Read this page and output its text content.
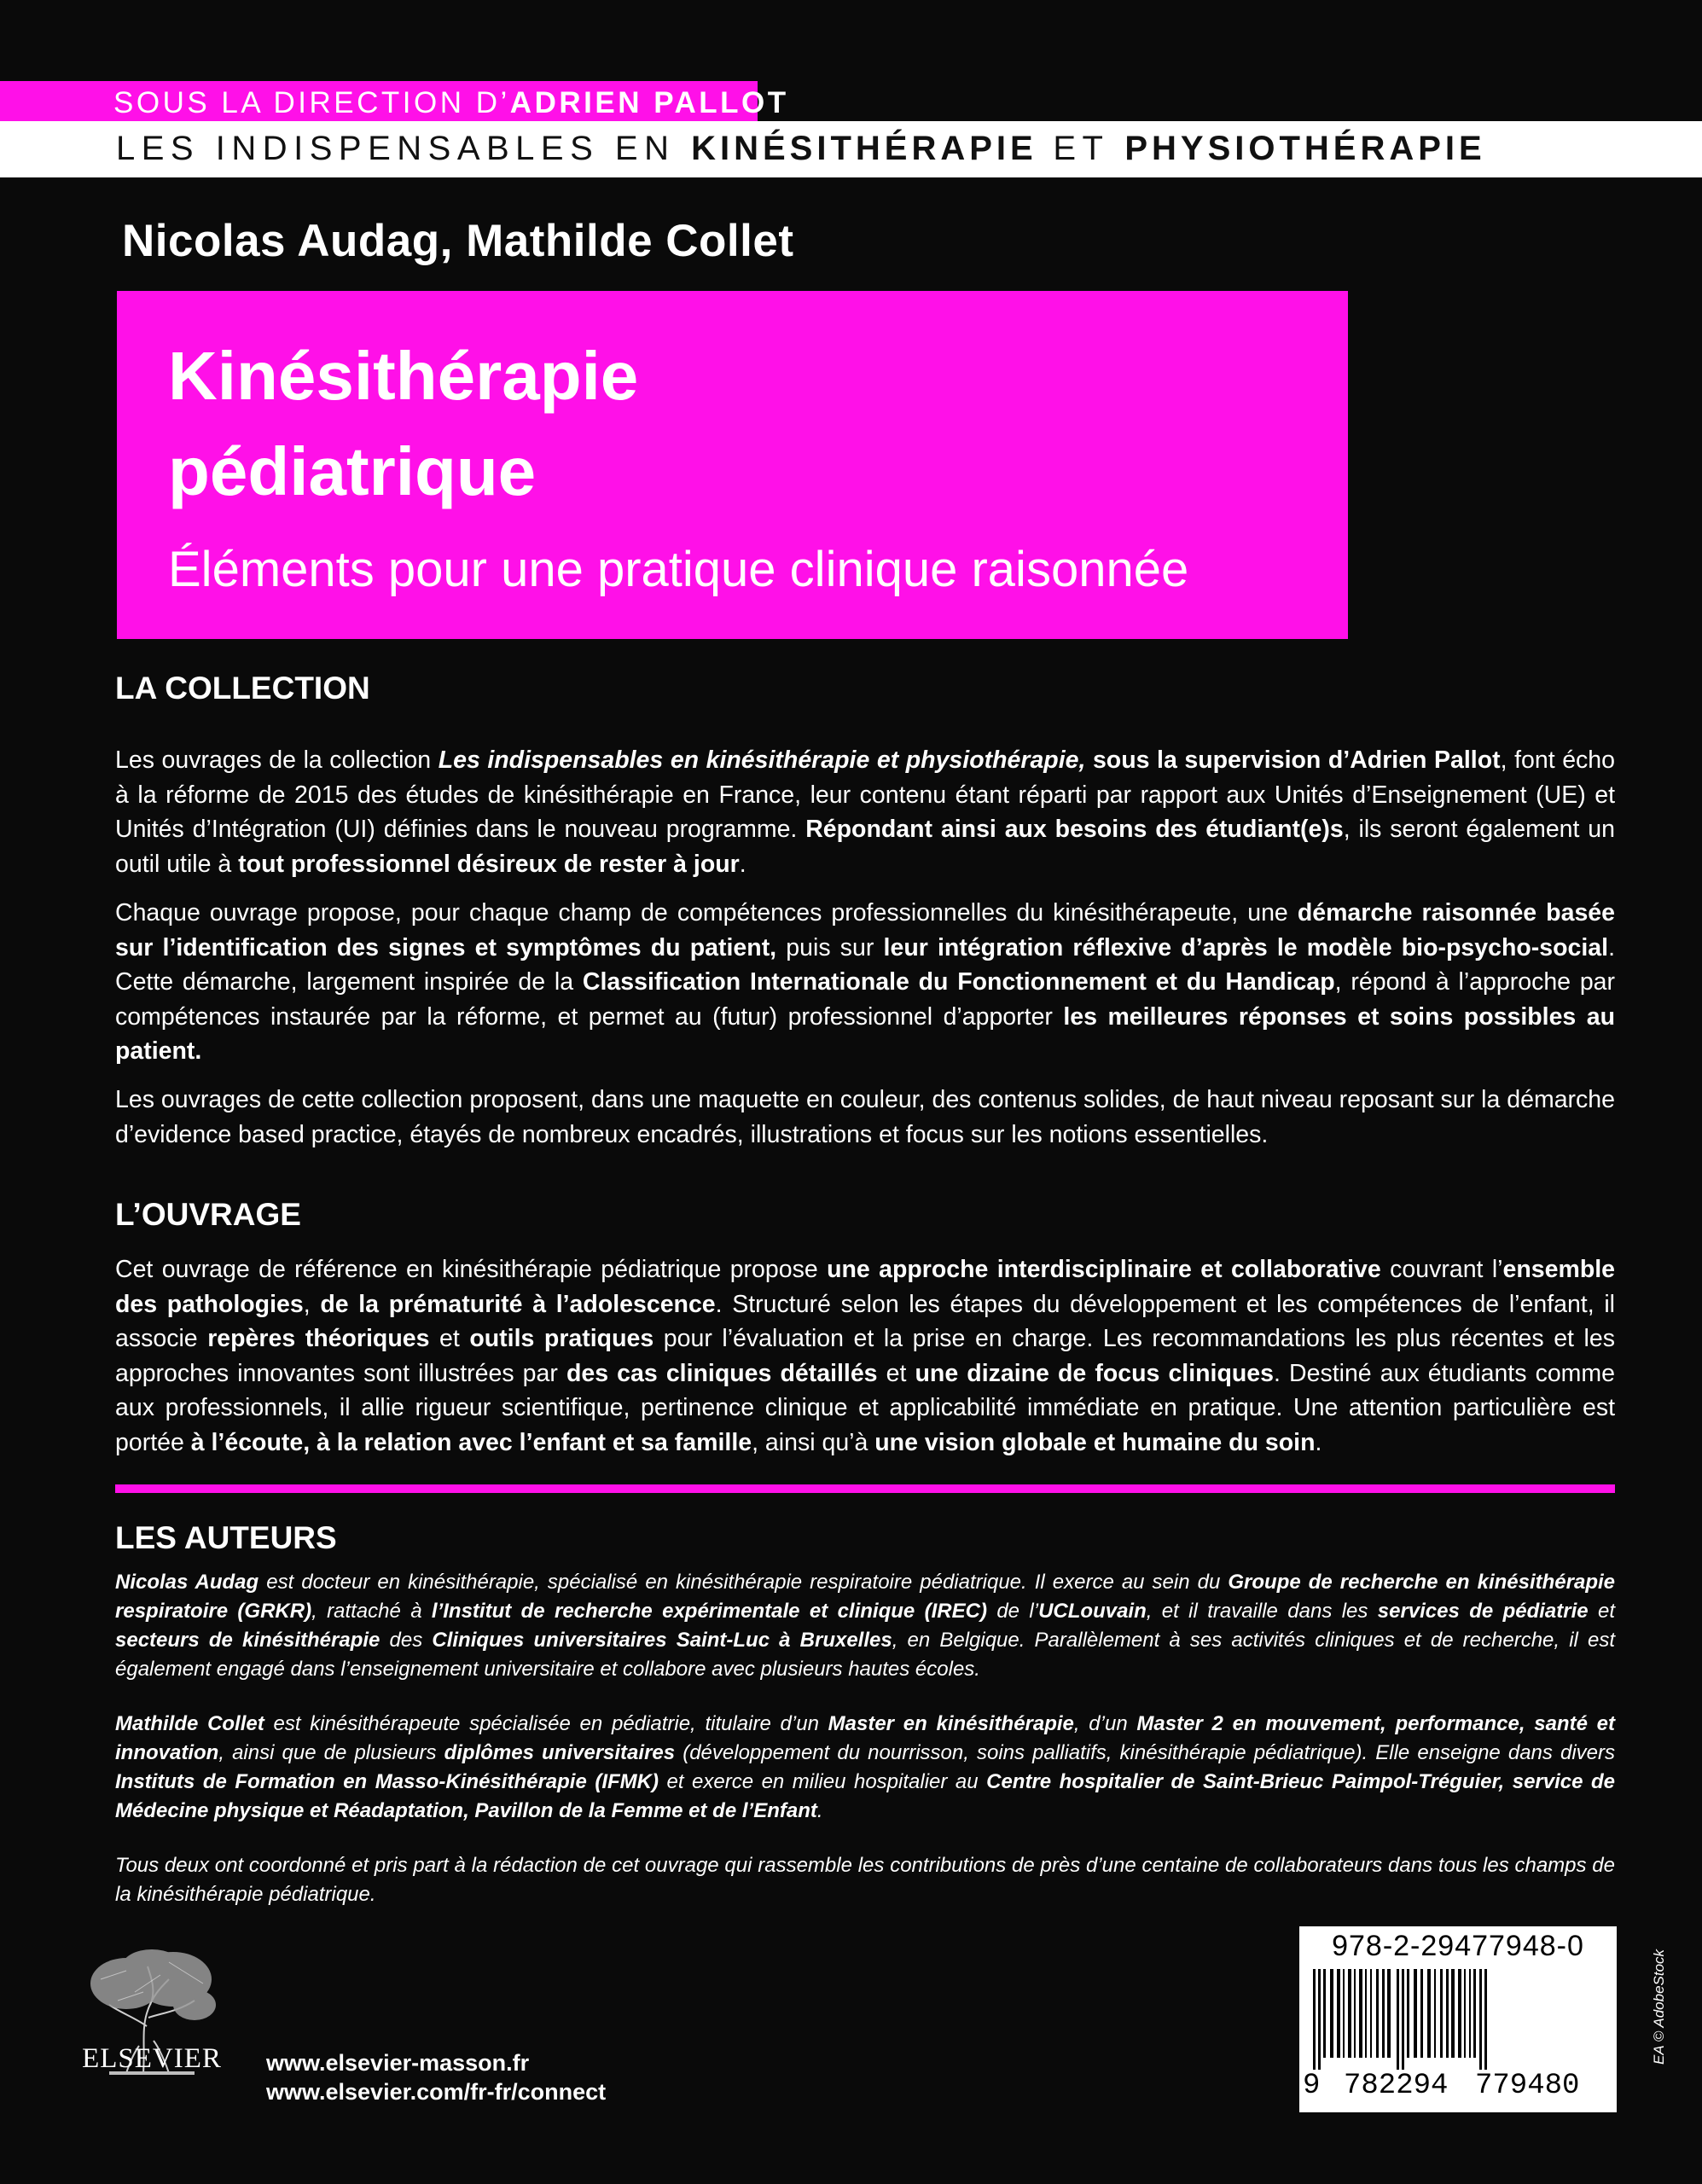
SOUS LA DIRECTION D’ADRIEN PALLOT
LES INDISPENSABLES EN KINÉSITHÉRAPIE ET PHYSIOTHÉRAPIE
Nicolas Audag, Mathilde Collet
Kinésithérapie
pédiatrique
Éléments pour une pratique clinique raisonnée
LA COLLECTION
Les ouvrages de la collection Les indispensables en kinésithérapie et physiothérapie, sous la supervision d’Adrien Pallot, font écho à la réforme de 2015 des études de kinésithérapie en France, leur contenu étant réparti par rapport aux Unités d’Enseignement (UE) et Unités d’Intégration (UI) définies dans le nouveau programme. Répondant ainsi aux besoins des étudiant(e)s, ils seront également un outil utile à tout professionnel désireux de rester à jour.
Chaque ouvrage propose, pour chaque champ de compétences professionnelles du kinésithérapeute, une démarche raisonnée basée sur l’identification des signes et symptômes du patient, puis sur leur intégration réflexive d’après le modèle bio-psycho-social. Cette démarche, largement inspirée de la Classification Internationale du Fonctionnement et du Handicap, répond à l’approche par compétences instaurée par la réforme, et permet au (futur) professionnel d’apporter les meilleures réponses et soins possibles au patient.
Les ouvrages de cette collection proposent, dans une maquette en couleur, des contenus solides, de haut niveau reposant sur la démarche d’evidence based practice, étayés de nombreux encadrés, illustrations et focus sur les notions essentielles.
L’OUVRAGE
Cet ouvrage de référence en kinésithérapie pédiatrique propose une approche interdisciplinaire et collaborative couvrant l’ensemble des pathologies, de la prématurité à l’adolescence. Structuré selon les étapes du développement et les compétences de l’enfant, il associe repères théoriques et outils pratiques pour l’évaluation et la prise en charge. Les recommandations les plus récentes et les approches innovantes sont illustrées par des cas cliniques détaillés et une dizaine de focus cliniques. Destiné aux étudiants comme aux professionnels, il allie rigueur scientifique, pertinence clinique et applicabilité immédiate en pratique. Une attention particulière est portée à l’écoute, à la relation avec l’enfant et sa famille, ainsi qu’à une vision globale et humaine du soin.
LES AUTEURS
Nicolas Audag est docteur en kinésithérapie, spécialisé en kinésithérapie respiratoire pédiatrique. Il exerce au sein du Groupe de recherche en kinésithérapie respiratoire (GRKR), rattaché à l’Institut de recherche expérimentale et clinique (IREC) de l’UCLouvain, et il travaille dans les services de pédiatrie et secteurs de kinésithérapie des Cliniques universitaires Saint-Luc à Bruxelles, en Belgique. Parallèlement à ses activités cliniques et de recherche, il est également engagé dans l’enseignement universitaire et collabore avec plusieurs hautes écoles.
Mathilde Collet est kinésithérapeute spécialisée en pédiatrie, titulaire d’un Master en kinésithérapie, d’un Master 2 en mouvement, performance, santé et innovation, ainsi que de plusieurs diplômes universitaires (développement du nourrisson, soins palliatifs, kinésithérapie pédiatrique). Elle enseigne dans divers Instituts de Formation en Masso-Kinésithérapie (IFMK) et exerce en milieu hospitalier au Centre hospitalier de Saint-Brieuc Paimpol-Tréguier, service de Médecine physique et Réadaptation, Pavillon de la Femme et de l’Enfant.
Tous deux ont coordonné et pris part à la rédaction de cet ouvrage qui rassemble les contributions de près d’une centaine de collaborateurs dans tous les champs de la kinésithérapie pédiatrique.
ELSEVIER www.elsevier-masson.fr
www.elsevier.com/fr-fr/connect
978-2-29477948-0
9 782294 779480
EA © AdobeStock
